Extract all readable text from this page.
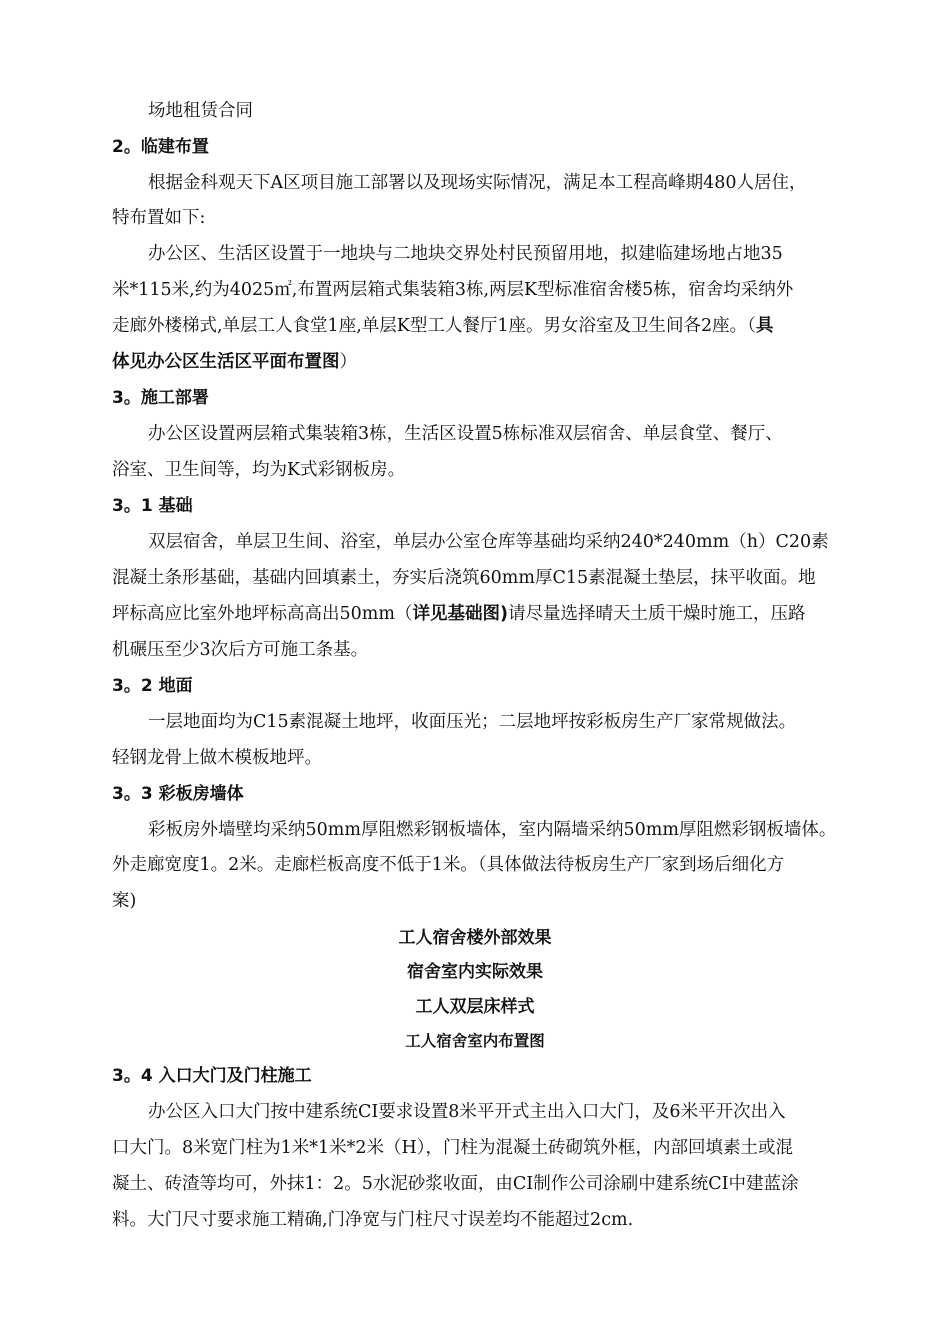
场地租赁合同
2。临建布置
根据金科观天下A区项目施工部署以及现场实际情况，满足本工程高峰期480人居住，
特布置如下:
办公区、生活区设置于一地块与二地块交界处村民预留用地，拟建临建场地占地35
米*115米,约为4025㎡,布置两层箱式集装箱3栋,两层K型标准宿舍楼5栋，宿舍均采纳外
走廊外楼梯式,单层工人食堂1座,单层K型工人餐厅1座。男女浴室及卫生间各2座。（具
体见办公区生活区平面布置图）
3。施工部署
办公区设置两层箱式集装箱3栋，生活区设置5栋标准双层宿舍、单层食堂、餐厅、
浴室、卫生间等，均为K式彩钢板房。
3。1 基础
双层宿舍，单层卫生间、浴室，单层办公室仓库等基础均采纳240*240mm（h）C20素
混凝土条形基础，基础内回填素土，夯实后浇筑60mm厚C15素混凝土垫层，抹平收面。地
坪标高应比室外地坪标高高出50mm（详见基础图)请尽量选择晴天土质干燥时施工，压路
机碾压至少3次后方可施工条基。
3。2 地面
一层地面均为C15素混凝土地坪，收面压光；二层地坪按彩板房生产厂家常规做法。
轻钢龙骨上做木模板地坪。
3。3 彩板房墙体
彩板房外墙壁均采纳50mm厚阻燃彩钢板墙体，室内隔墙采纳50mm厚阻燃彩钢板墙体。
外走廊宽度1。2米。走廊栏板高度不低于1米。（具体做法待板房生产厂家到场后细化方
案)
工人宿舍楼外部效果
宿舍室内实际效果
工人双层床样式
工人宿舍室内布置图
3。4 入口大门及门柱施工
办公区入口大门按中建系统CI要求设置8米平开式主出入口大门，及6米平开次出入
口大门。8米宽门柱为1米*1米*2米（H），门柱为混凝土砖砌筑外框，内部回填素土或混
凝土、砖渣等均可，外抹1：2。5水泥砂浆收面，由CI制作公司涂刷中建系统CI中建蓝涂
料。大门尺寸要求施工精确,门净宽与门柱尺寸误差均不能超过2cm.
